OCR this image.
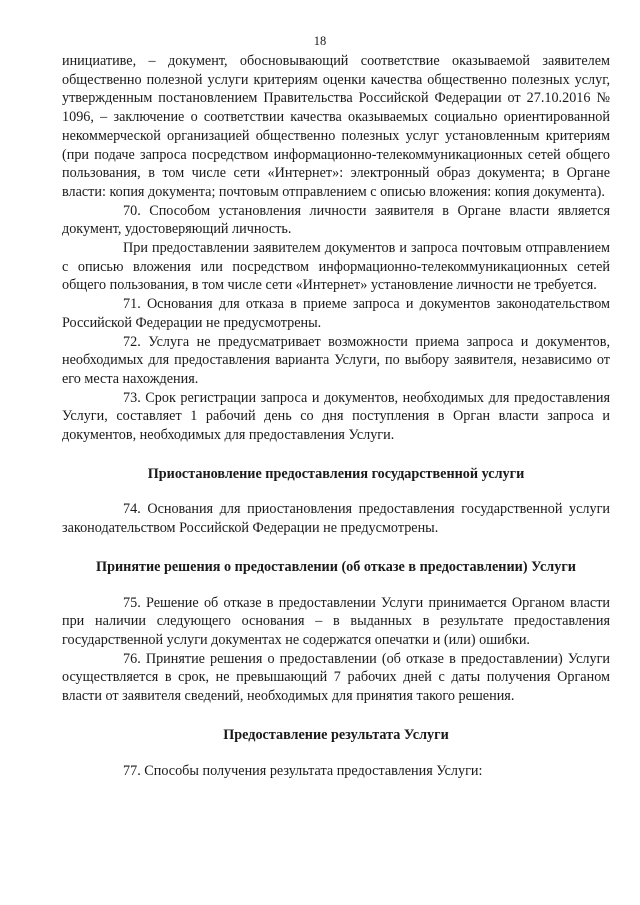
18

инициативе, – документ, обосновывающий соответствие оказываемой заявителем общественно полезной услуги критериям оценки качества общественно полезных услуг, утвержденным постановлением Правительства Российской Федерации от 27.10.2016 № 1096, – заключение о соответствии качества оказываемых социально ориентированной некоммерческой организацией общественно полезных услуг установленным критериям (при подаче запроса посредством информационно-телекоммуникационных сетей общего пользования, в том числе сети «Интернет»: электронный образ документа; в Органе власти: копия документа; почтовым отправлением с описью вложения: копия документа).

70. Способом установления личности заявителя в Органе власти является документ, удостоверяющий личность.

При предоставлении заявителем документов и запроса почтовым отправлением с описью вложения или посредством информационно-телекоммуникационных сетей общего пользования, в том числе сети «Интернет» установление личности не требуется.

71. Основания для отказа в приеме запроса и документов законодательством Российской Федерации не предусмотрены.

72. Услуга не предусматривает возможности приема запроса и документов, необходимых для предоставления варианта Услуги, по выбору заявителя, независимо от его места нахождения.

73. Срок регистрации запроса и документов, необходимых для предоставления Услуги, составляет 1 рабочий день со дня поступления в Орган власти запроса и документов, необходимых для предоставления Услуги.

Приостановление предоставления государственной услуги

74. Основания для приостановления предоставления государственной услуги законодательством Российской Федерации не предусмотрены.

Принятие решения о предоставлении (об отказе в предоставлении) Услуги

75. Решение об отказе в предоставлении Услуги принимается Органом власти при наличии следующего основания – в выданных в результате предоставления государственной услуги документах не содержатся опечатки и (или) ошибки.

76. Принятие решения о предоставлении (об отказе в предоставлении) Услуги осуществляется в срок, не превышающий 7 рабочих дней с даты получения Органом власти от заявителя сведений, необходимых для принятия такого решения.

Предоставление результата Услуги

77. Способы получения результата предоставления Услуги:
